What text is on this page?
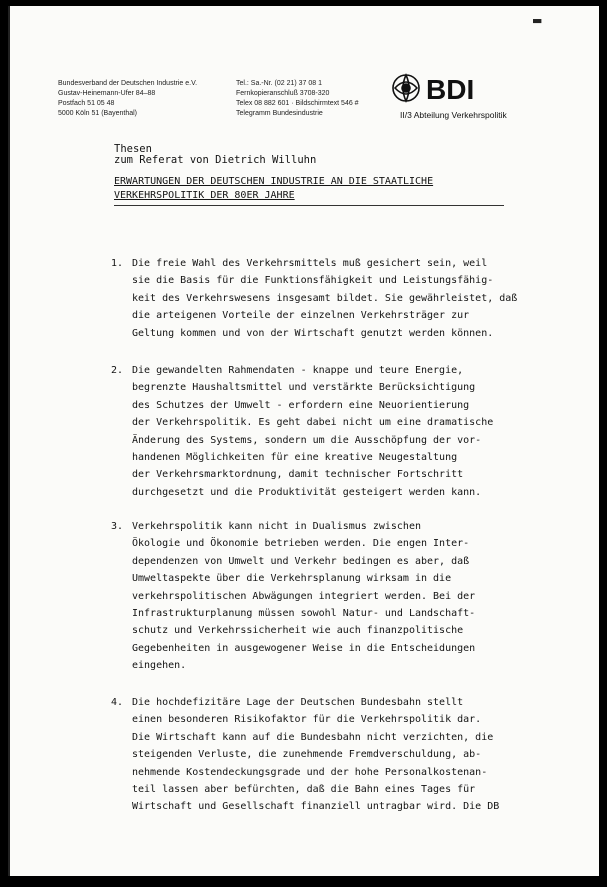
▬
Bundesverband der Deutschen Industrie e.V.
Gustav-Heinemann-Ufer 84–88
Postfach 51 05 48
5000 Köln 51 (Bayenthal)
Tel.: Sa.-Nr. (02 21) 37 08 1
Fernkopieranschluß 3708-320
Telex 08 882 601 · Bildschirmtext 546 #
Telegramm Bundesindustrie
BDI
II/3 Abteilung Verkehrspolitik
Thesen
zum Referat von Dietrich Willuhn
ERWARTUNGEN DER DEUTSCHEN INDUSTRIE AN DIE STAATLICHE
VERKEHRSPOLITIK DER 80ER JAHRE
1. Die freie Wahl des Verkehrsmittels muß gesichert sein, weil
sie die Basis für die Funktionsfähigkeit und Leistungsfähig-
keit des Verkehrswesens insgesamt bildet. Sie gewährleistet, daß
die arteigenen Vorteile der einzelnen Verkehrsträger zur
Geltung kommen und von der Wirtschaft genutzt werden können.
2. Die gewandelten Rahmendaten - knappe und teure Energie,
begrenzte Haushaltsmittel und verstärkte Berücksichtigung
des Schutzes der Umwelt - erfordern eine Neuorientierung
der Verkehrspolitik. Es geht dabei nicht um eine dramatische
Änderung des Systems, sondern um die Ausschöpfung der vor-
handenen Möglichkeiten für eine kreative Neugestaltung
der Verkehrsmarktordnung, damit technischer Fortschritt
durchgesetzt und die Produktivität gesteigert werden kann.
3. Verkehrspolitik kann nicht in Dualismus zwischen
Ökologie und Ökonomie betrieben werden. Die engen Inter-
dependenzen von Umwelt und Verkehr bedingen es aber, daß
Umweltaspekte über die Verkehrsplanung wirksam in die
verkehrspolitischen Abwägungen integriert werden. Bei der
Infrastrukturplanung müssen sowohl Natur- und Landschaft-
schutz und Verkehrssicherheit wie auch finanzpolitische
Gegebenheiten in ausgewogener Weise in die Entscheidungen
eingehen.
4. Die hochdefizitäre Lage der Deutschen Bundesbahn stellt
einen besonderen Risikofaktor für die Verkehrspolitik dar.
Die Wirtschaft kann auf die Bundesbahn nicht verzichten, die
steigenden Verluste, die zunehmende Fremdverschuldung, ab-
nehmende Kostendeckungsgrade und der hohe Personalkostenan-
teil lassen aber befürchten, daß die Bahn eines Tages für
Wirtschaft und Gesellschaft finanziell untragbar wird. Die DB
